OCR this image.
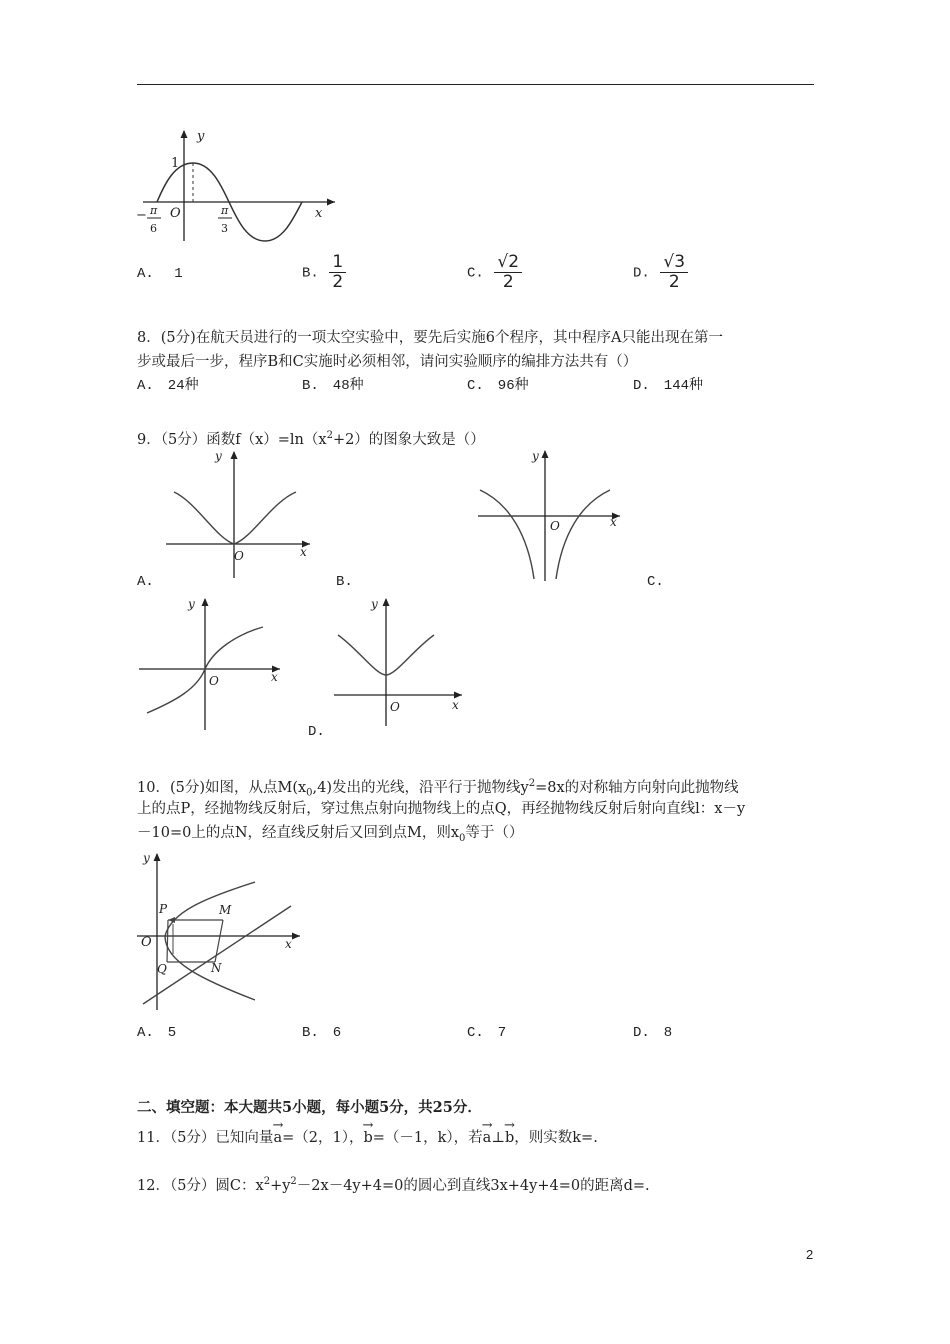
y
x
1
O
− π
6
π
3
A. 1	B. $\frac{1}{2}$	C. $\frac{√2}{2}$	D. $\frac{√3}{2}$
8．(5分)在航天员进行的一项太空实验中，要先后实施6个程序，其中程序A只能出现在第一
步或最后一步，程序B和C实施时必须相邻，请问实验顺序的编排方法共有（）
A.　24种	B.　48种	C.　96种	D.　144种
9．（5分）函数$f(x)=\ln(x^2+2)$的图象大致是（）
y
x
O
A.
y
x
O
B.	C.
y
x
O
y
x
O
D.
10．(5分)如图，从点$M(x_0,4)$发出的光线，沿平行于抛物线$y^2=8x$的对称轴方向射向此抛物线
上的点P，经抛物线反射后，穿过焦点射向抛物线上的点Q，再经抛物线反射后射向直线l：x－y
－10=0上的点N，经直线反射后又回到点M，则$x_0$等于（）
y
x
O
P	M
Q	N
A.　5	B.　6	C.　7	D.　8
二、填空题：本大题共5小题，每小题5分，共25分．
11．（5分）已知向量→ a=（2，1），→ b=（－1，k），若→ a⊥→ b，则实数k=.
12．（5分）圆C：$x^2+y^2-2x-4y+4=0$的圆心到直线3x+4y+4=0的距离d=.
2
